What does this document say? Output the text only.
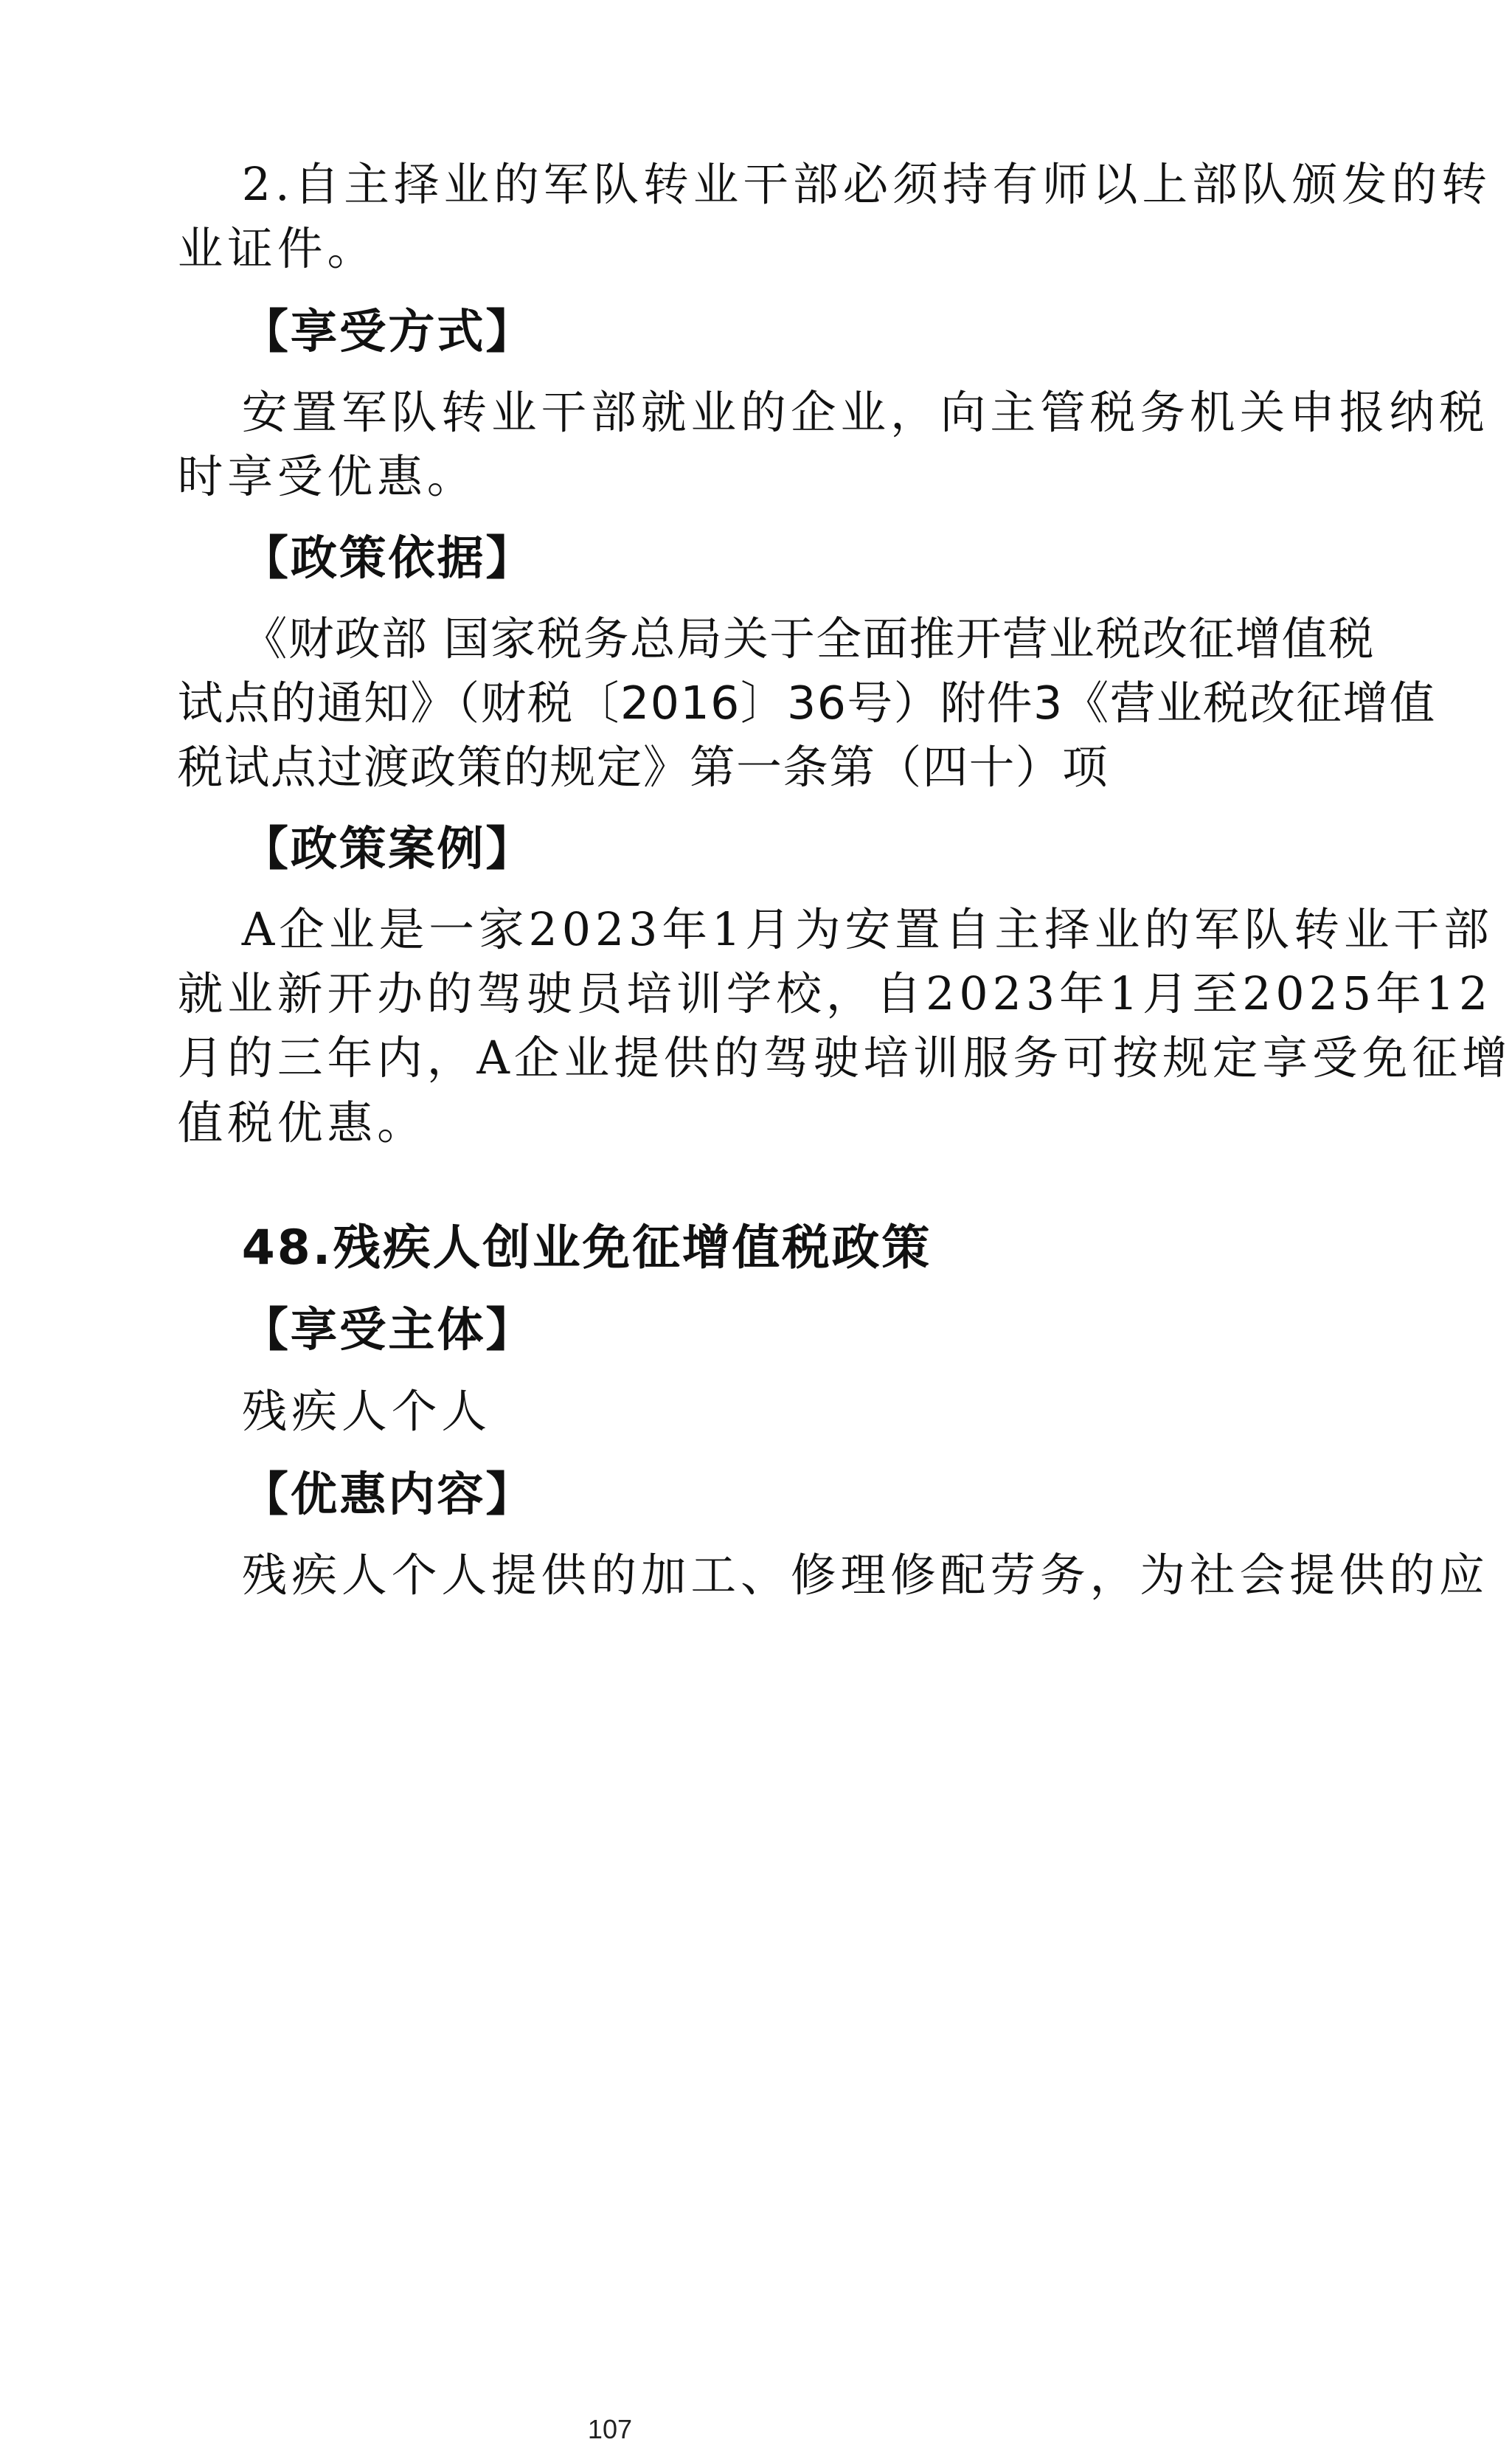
2.自主择业的军队转业干部必须持有师以上部队颁发的转

业证件。

【享受方式】

安置军队转业干部就业的企业，向主管税务机关申报纳税

时享受优惠。

【政策依据】

《财政部 国家税务总局关于全面推开营业税改征增值税

试点的通知》（财税〔2016〕36号）附件3《营业税改征增值

税试点过渡政策的规定》第一条第（四十）项

【政策案例】

A企业是一家2023年1月为安置自主择业的军队转业干部

就业新开办的驾驶员培训学校，自2023年1月至2025年12

月的三年内，A企业提供的驾驶培训服务可按规定享受免征增

值税优惠。

48.残疾人创业免征增值税政策

【享受主体】

残疾人个人

【优惠内容】

残疾人个人提供的加工、修理修配劳务，为社会提供的应

107
